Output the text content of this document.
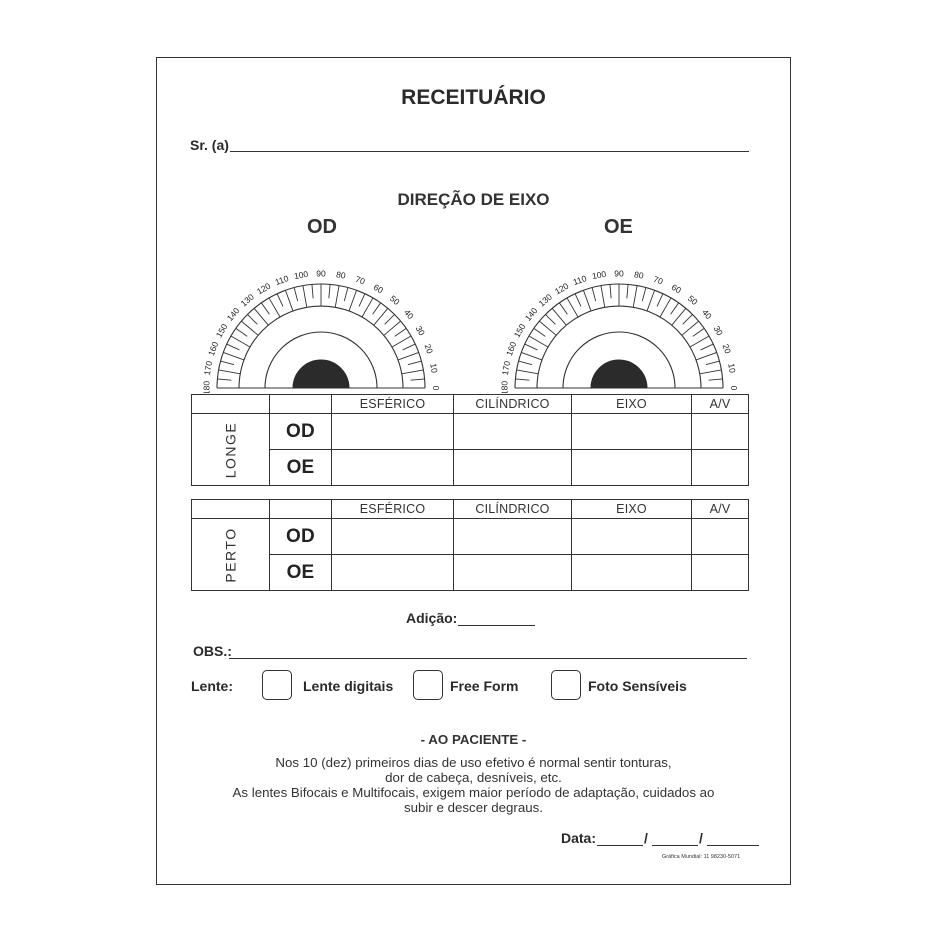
RECEITUÁRIO
Sr. (a)
DIREÇÃO DE EIXO
OD	OE
180
170
160
150
140
130
120
110 100 90 80 70
60
50
40
30
20
10
0	180
170
160
150
140
130
120
110 100 90 80 70
60
50
40
30
20
10
0
		ESFÉRICO	CILÍNDRICO	EIXO	A/V
LONGE	OD				
	OE				
		ESFÉRICO	CILÍNDRICO	EIXO	A/V
PERTO	OD				
	OE				
Adição:
OBS.:
Lente:	Lente digitais	Free Form	Foto Sensíveis
- AO PACIENTE -
Nos 10 (dez) primeiros dias de uso efetivo é normal sentir tonturas,
dor de cabeça, desníveis, etc.
As lentes Bifocais e Multifocais, exigem maior período de adaptação, cuidados ao
subir e descer degraus.
Data:	/	/
Gráfica Mundial: 11 98230-5071
